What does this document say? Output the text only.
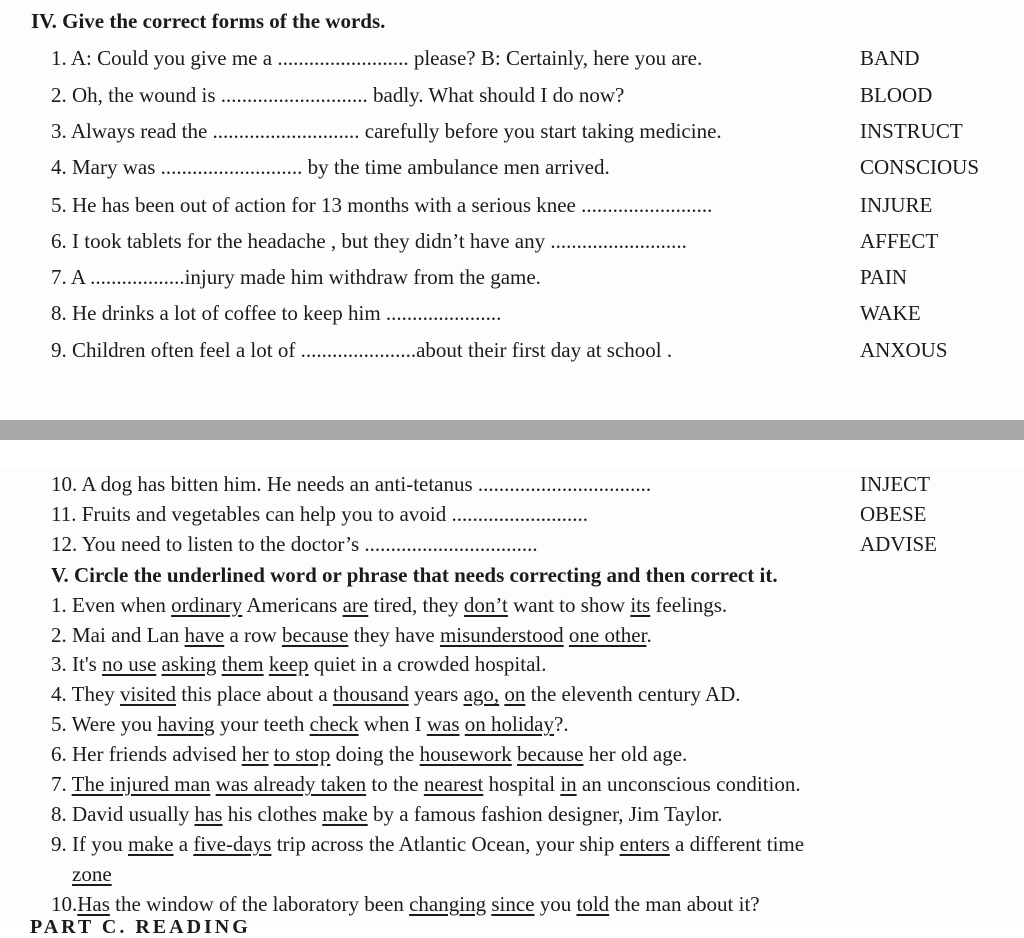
IV. Give the correct forms of the words.
1. A: Could you give me a ......................... please? B: Certainly, here you are.	BAND
2. Oh, the wound is ............................ badly. What should I do now?	BLOOD
3. Always read the ............................ carefully before you start taking medicine.	INSTRUCT
4. Mary was ........................... by the time ambulance men arrived.	CONSCIOUS
5. He has been out of action for 13 months with a serious knee .........................	INJURE
6. I took tablets for the headache , but they didn’t have any ..........................	AFFECT
7. A ..................injury made him withdraw from the game.	PAIN
8. He drinks a lot of coffee to keep him ......................	WAKE
9. Children often feel a lot of ......................about their first day at school .	ANXOUS
10. A dog has bitten him. He needs an anti-tetanus .................................	INJECT
11. Fruits and vegetables can help you to avoid ..........................	OBESE
12. You need to listen to the doctor’s .................................	ADVISE
V. Circle the underlined word or phrase that needs correcting and then correct it.
1. Even when ordinary Americans are tired, they don’t want to show its feelings.
2. Mai and Lan have a row because they have misunderstood one other.
3. It's no use asking them keep quiet in a crowded hospital.
4. They visited this place about a thousand years ago, on the eleventh century AD.
5. Were you having your teeth check when I was on holiday?.
6. Her friends advised her to stop doing the housework because her old age.
7. The injured man was already taken to the nearest hospital in an unconscious condition.
8. David usually has his clothes make by a famous fashion designer, Jim Taylor.
9. If you make a five-days trip across the Atlantic Ocean, your ship enters a different time
zone
10.Has the window of the laboratory been changing since you told the man about it?
PART C. READING
